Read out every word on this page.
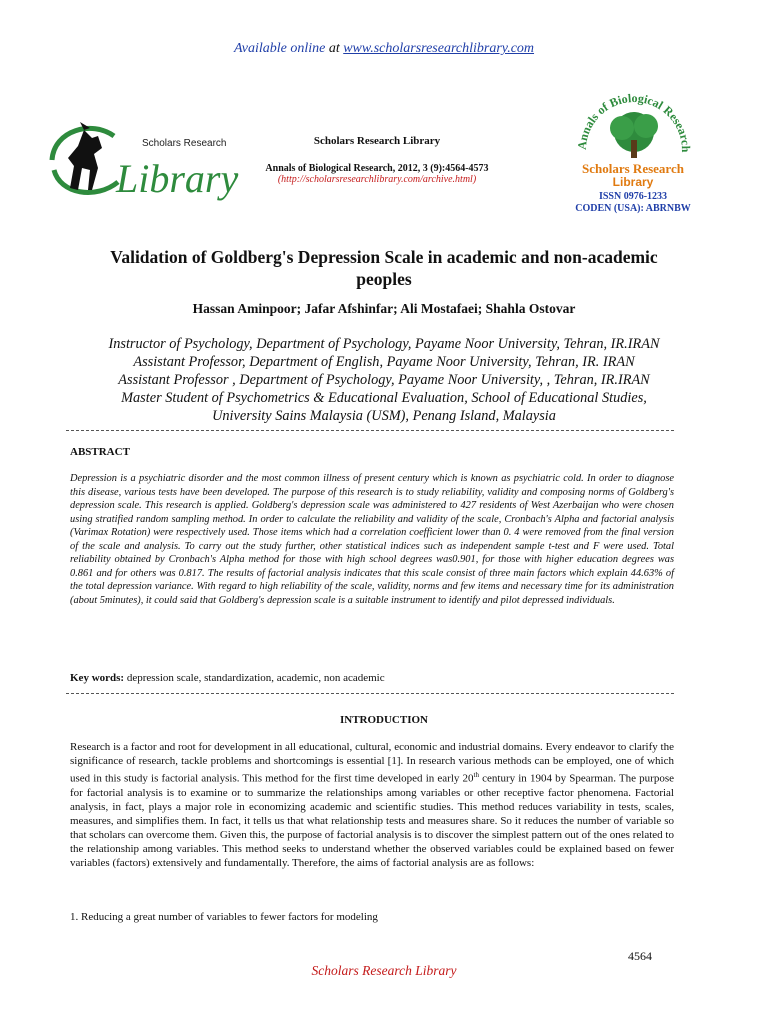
Available online at www.scholarsresearchlibrary.com
Scholars Research
Library
Scholars Research Library
Annals of Biological Research, 2012, 3 (9):4564-4573
(http://scholarsresearchlibrary.com/archive.html)
Annals of Biological Research
Scholars Research
Library
ISSN 0976-1233
CODEN (USA): ABRNBW
Validation of Goldberg's Depression Scale in academic and non-academic
peoples
Hassan Aminpoor; Jafar Afshinfar; Ali Mostafaei; Shahla Ostovar
Instructor of Psychology, Department of Psychology, Payame Noor University, Tehran, IR.IRAN
Assistant Professor, Department of English, Payame Noor University, Tehran, IR. IRAN
Assistant Professor , Department of Psychology, Payame Noor University, , Tehran, IR.IRAN
Master Student of Psychometrics & Educational Evaluation, School of Educational Studies,
University Sains Malaysia (USM), Penang Island, Malaysia
ABSTRACT
Depression is a psychiatric disorder and the most common illness of present century which is known as psychiatric cold. In order to diagnose this disease, various tests have been developed. The purpose of this research is to study reliability, validity and composing norms of Goldberg's depression scale. This research is applied. Goldberg's depression scale was administered to 427 residents of West Azerbaijan who were chosen using stratified random sampling method. In order to calculate the reliability and validity of the scale, Cronbach's Alpha and factorial analysis (Varimax Rotation) were respectively used. Those items which had a correlation coefficient lower than 0. 4 were removed from the final version of the scale and analysis. To carry out the study further, other statistical indices such as independent sample t-test and F were used. Total reliability obtained by Cronbach's Alpha method for those with high school degrees was0.901, for those with higher education degrees was 0.861 and for others was 0.817. The results of factorial analysis indicates that this scale consist of three main factors which explain 44.63% of the total depression variance. With regard to high reliability of the scale, validity, norms and few items and necessary time for its administration (about 5minutes), it could said that Goldberg's depression scale is a suitable instrument to identify and pilot depressed individuals.
Key words: depression scale, standardization, academic, non academic
INTRODUCTION
Research is a factor and root for development in all educational, cultural, economic and industrial domains. Every endeavor to clarify the significance of research, tackle problems and shortcomings is essential [1]. In research various methods can be employed, one of which used in this study is factorial analysis. This method for the first time developed in early 20th century in 1904 by Spearman. The purpose for factorial analysis is to examine or to summarize the relationships among variables or other receptive factor phenomena. Factorial analysis, in fact, plays a major role in economizing academic and scientific studies. This method reduces variability in tests, scales, measures, and simplifies them. In fact, it tells us that what relationship tests and measures share. So it reduces the number of variable so that scholars can overcome them. Given this, the purpose of factorial analysis is to discover the simplest pattern out of the ones related to the relationship among variables. This method seeks to understand whether the observed variables could be explained based on fewer variables (factors) extensively and fundamentally. Therefore, the aims of factorial analysis are as follows:
1. Reducing a great number of variables to fewer factors for modeling
4564
Scholars Research Library
